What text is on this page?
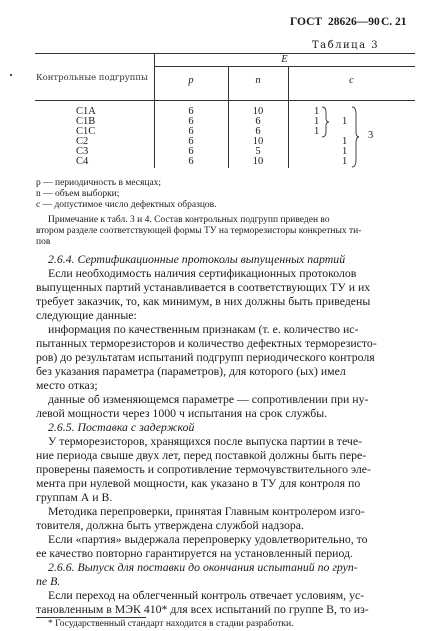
ГОСТ 28626—90 С. 21
Таблица 3
Контрольные подгруппы
E
p	n	c
С1А
С1В
С1С
С2
С3
С4
6
6
6
6
6
6
10
6
6
10
5
10
1
1
1
1
1
1
1
3
p — периодичность в месяцах;
n — объем выборки;
c — допустимое число дефектных образцов.
Примечание к табл. 3 и 4. Состав контрольных подгрупп приведен во
втором разделе соответствующей формы ТУ на терморезисторы конкретных ти-
пов
2.6.4. Сертификационные протоколы выпущенных партий
Если необходимость наличия сертификационных протоколов
выпущенных партий устанавливается в соответствующих ТУ и их
требует заказчик, то, как минимум, в них должны быть приведены
следующие данные:
информация по качественным признакам (т. е. количество ис-
пытанных терморезисторов и количество дефектных терморезисто-
ров) до результатам испытаний подгрупп периодического контроля
без указания параметра (параметров), для которого (ых) имел
место отказ;
данные об изменяющемся параметре — сопротивлении при ну-
левой мощности через 1000 ч испытания на срок службы.
2.6.5. Поставка с задержкой
У терморезисторов, хранящихся после выпуска партии в тече-
ние периода свыше двух лет, перед поставкой должны быть пере-
проверены паяемость и сопротивление термочувствительного эле-
мента при нулевой мощности, как указано в ТУ для контроля по
группам А и В.
Методика перепроверки, принятая Главным контролером изго-
товителя, должна быть утверждена службой надзора.
Если «партия» выдержала перепроверку удовлетворительно, то
ее качество повторно гарантируется на установленный период.
2.6.6. Выпуск для поставки до окончания испытаний по груп-
пе В.
Если переход на облегченный контроль отвечает условиям, ус-
тановленным в МЭК 410* для всех испытаний по группе В, то из-
* Государственный стандарт находится в стадии разработки.
